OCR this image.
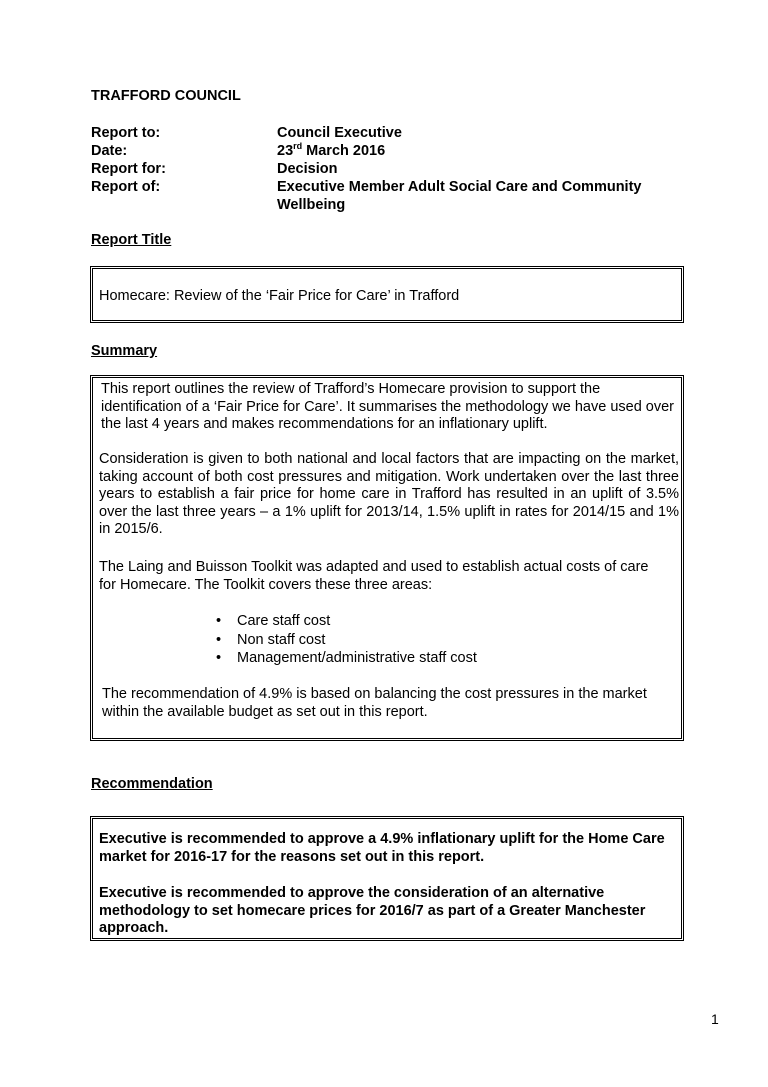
TRAFFORD COUNCIL
Report to:	Council Executive
Date:	23rd March 2016
Report for:	Decision
Report of:	Executive Member Adult Social Care and Community Wellbeing
Report Title
Homecare: Review of the ‘Fair Price for Care’ in Trafford
Summary
This report outlines the review of Trafford’s Homecare provision to support the identification of a ‘Fair Price for Care’. It summarises the methodology we have used over the last 4 years and makes recommendations for an inflationary uplift.
Consideration is given to both national and local factors that are impacting on the market, taking account of both cost pressures and mitigation. Work undertaken over the last three years to establish a fair price for home care in Trafford has resulted in an uplift of 3.5% over the last three years – a 1% uplift for 2013/14, 1.5% uplift in rates for 2014/15 and 1% in 2015/6.
The Laing and Buisson Toolkit was adapted and used to establish actual costs of care for Homecare. The Toolkit covers these three areas:
• Care staff cost
• Non staff cost
• Management/administrative staff cost
The recommendation of 4.9% is based on balancing the cost pressures in the market within the available budget as set out in this report.
Recommendation
Executive is recommended to approve a 4.9% inflationary uplift for the Home Care market for 2016-17 for the reasons set out in this report.
Executive is recommended to approve the consideration of an alternative methodology to set homecare prices for 2016/7 as part of a Greater Manchester approach.
1
